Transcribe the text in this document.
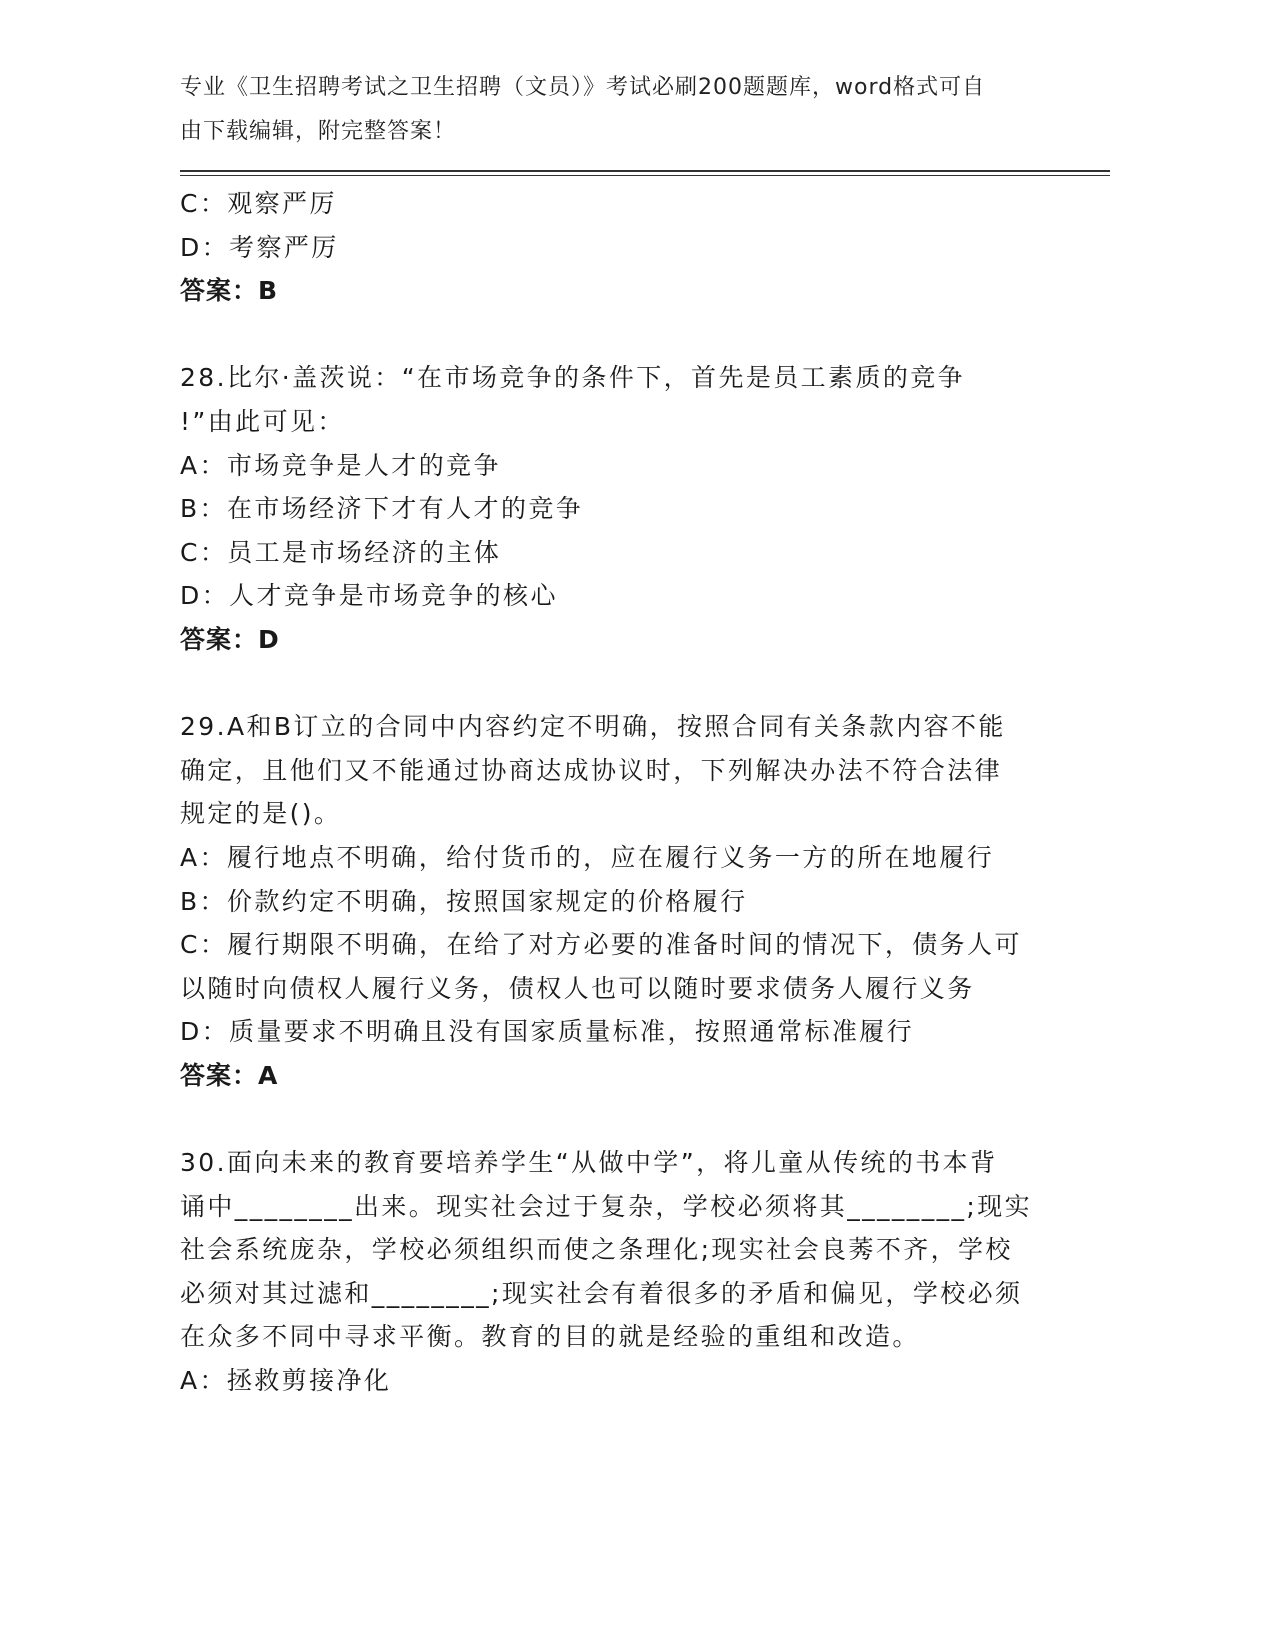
专业《卫生招聘考试之卫生招聘（文员）》考试必刷200题题库，word格式可自
由下载编辑，附完整答案！
C：观察严厉
D：考察严厉
答案：B
28.比尔·盖茨说：“在市场竞争的条件下，首先是员工素质的竞争
!”由此可见：
A：市场竞争是人才的竞争
B：在市场经济下才有人才的竞争
C：员工是市场经济的主体
D：人才竞争是市场竞争的核心
答案：D
29.A和B订立的合同中内容约定不明确，按照合同有关条款内容不能
确定，且他们又不能通过协商达成协议时，下列解决办法不符合法律
规定的是()。
A：履行地点不明确，给付货币的，应在履行义务一方的所在地履行
B：价款约定不明确，按照国家规定的价格履行
C：履行期限不明确，在给了对方必要的准备时间的情况下，债务人可
以随时向债权人履行义务，债权人也可以随时要求债务人履行义务
D：质量要求不明确且没有国家质量标准，按照通常标准履行
答案：A
30.面向未来的教育要培养学生“从做中学”，将儿童从传统的书本背
诵中________出来。现实社会过于复杂，学校必须将其________;现实
社会系统庞杂，学校必须组织而使之条理化;现实社会良莠不齐，学校
必须对其过滤和________;现实社会有着很多的矛盾和偏见，学校必须
在众多不同中寻求平衡。教育的目的就是经验的重组和改造。
A：拯救剪接净化
